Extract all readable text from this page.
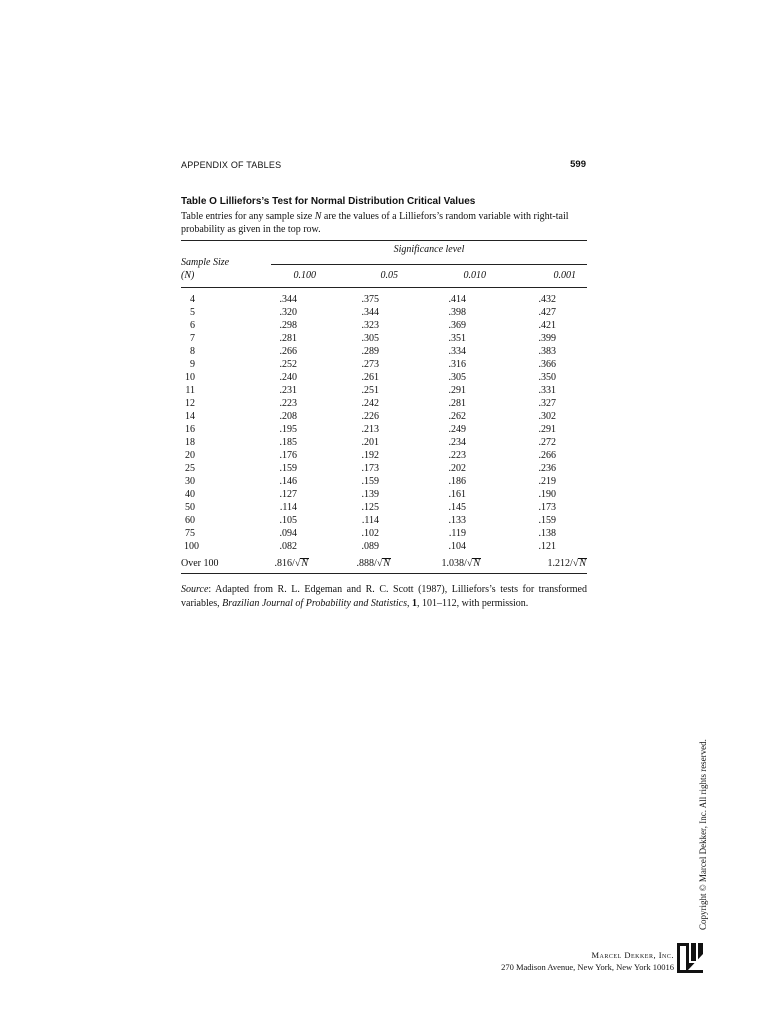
APPENDIX OF TABLES	599
Table O Lilliefors’s Test for Normal Distribution Critical Values
Table entries for any sample size N are the values of a Lilliefors’s random variable with right-tail probability as given in the top row.
Significance level
Sample Size
(N)	0.100	0.05	0.010	0.001
4	.344	.375	.414	.432
5	.320	.344	.398	.427
6	.298	.323	.369	.421
7	.281	.305	.351	.399
8	.266	.289	.334	.383
9	.252	.273	.316	.366
10	.240	.261	.305	.350
11	.231	.251	.291	.331
12	.223	.242	.281	.327
14	.208	.226	.262	.302
16	.195	.213	.249	.291
18	.185	.201	.234	.272
20	.176	.192	.223	.266
25	.159	.173	.202	.236
30	.146	.159	.186	.219
40	.127	.139	.161	.190
50	.114	.125	.145	.173
60	.105	.114	.133	.159
75	.094	.102	.119	.138
100	.082	.089	.104	.121
Over 100	.816/√N	.888/√N	1.038/√N	1.212/√N
Source: Adapted from R. L. Edgeman and R. C. Scott (1987), Lilliefors’s tests for transformed variables, Brazilian Journal of Probability and Statistics, 1, 101–112, with permission.
Copyright © Marcel Dekker, Inc. All rights reserved.
Marcel Dekker, Inc.
270 Madison Avenue, New York, New York 10016
